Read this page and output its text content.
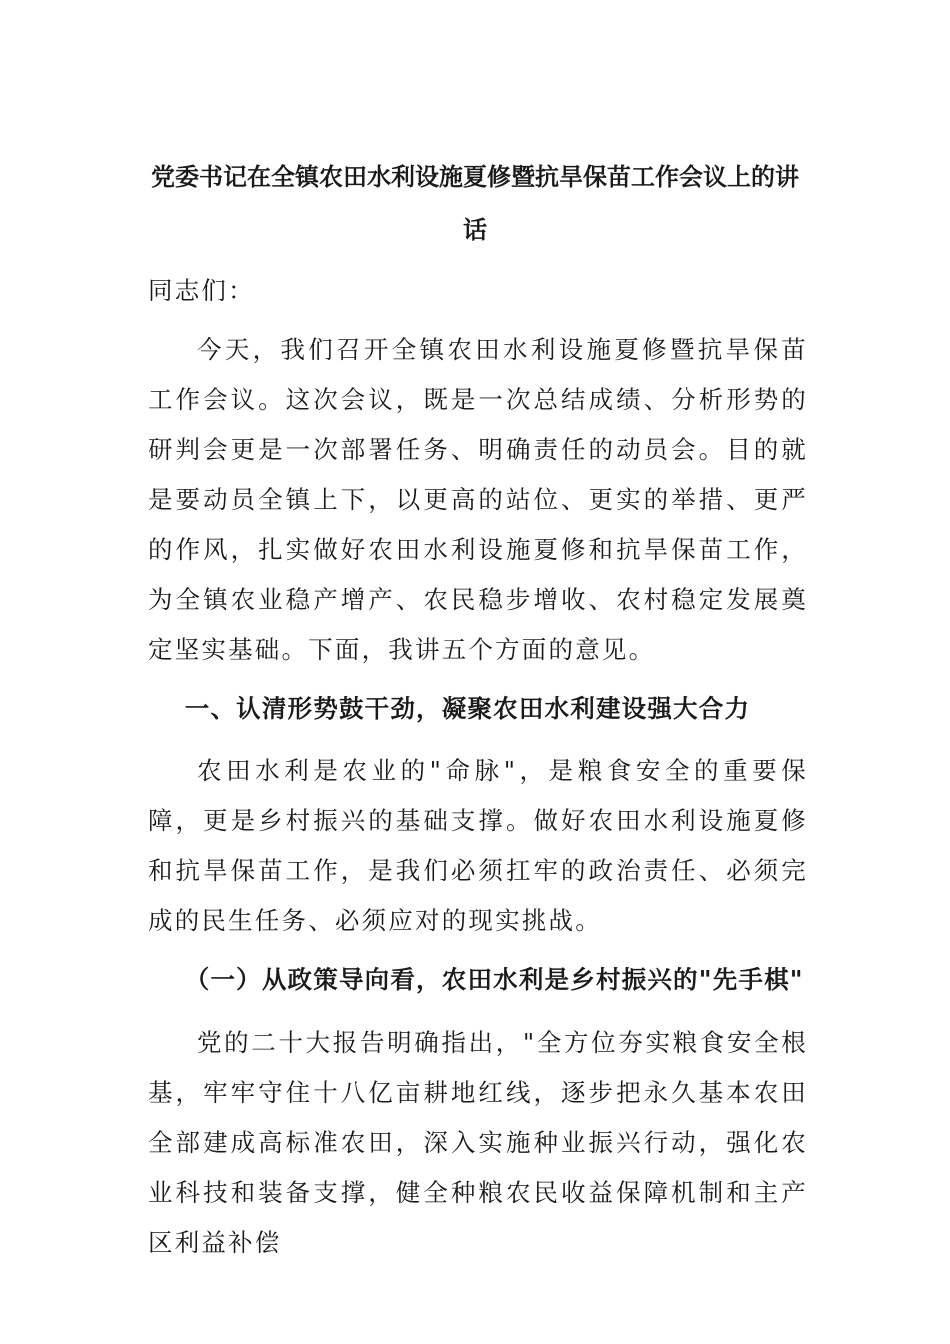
党委书记在全镇农田水利设施夏修暨抗旱保苗工作会议上的讲话
同志们：
今天，我们召开全镇农田水利设施夏修暨抗旱保苗工作会议。这次会议，既是一次总结成绩、分析形势的研判会更是一次部署任务、明确责任的动员会。目的就是要动员全镇上下，以更高的站位、更实的举措、更严的作风，扎实做好农田水利设施夏修和抗旱保苗工作，为全镇农业稳产增产、农民稳步增收、农村稳定发展奠定坚实基础。下面，我讲五个方面的意见。
一、认清形势鼓干劲，凝聚农田水利建设强大合力
农田水利是农业的"命脉"，是粮食安全的重要保障，更是乡村振兴的基础支撑。做好农田水利设施夏修和抗旱保苗工作，是我们必须扛牢的政治责任、必须完成的民生任务、必须应对的现实挑战。
（一）从政策导向看，农田水利是乡村振兴的"先手棋"
党的二十大报告明确指出，"全方位夯实粮食安全根基，牢牢守住十八亿亩耕地红线，逐步把永久基本农田全部建成高标准农田，深入实施种业振兴行动，强化农业科技和装备支撑，健全种粮农民收益保障机制和主产区利益补偿
